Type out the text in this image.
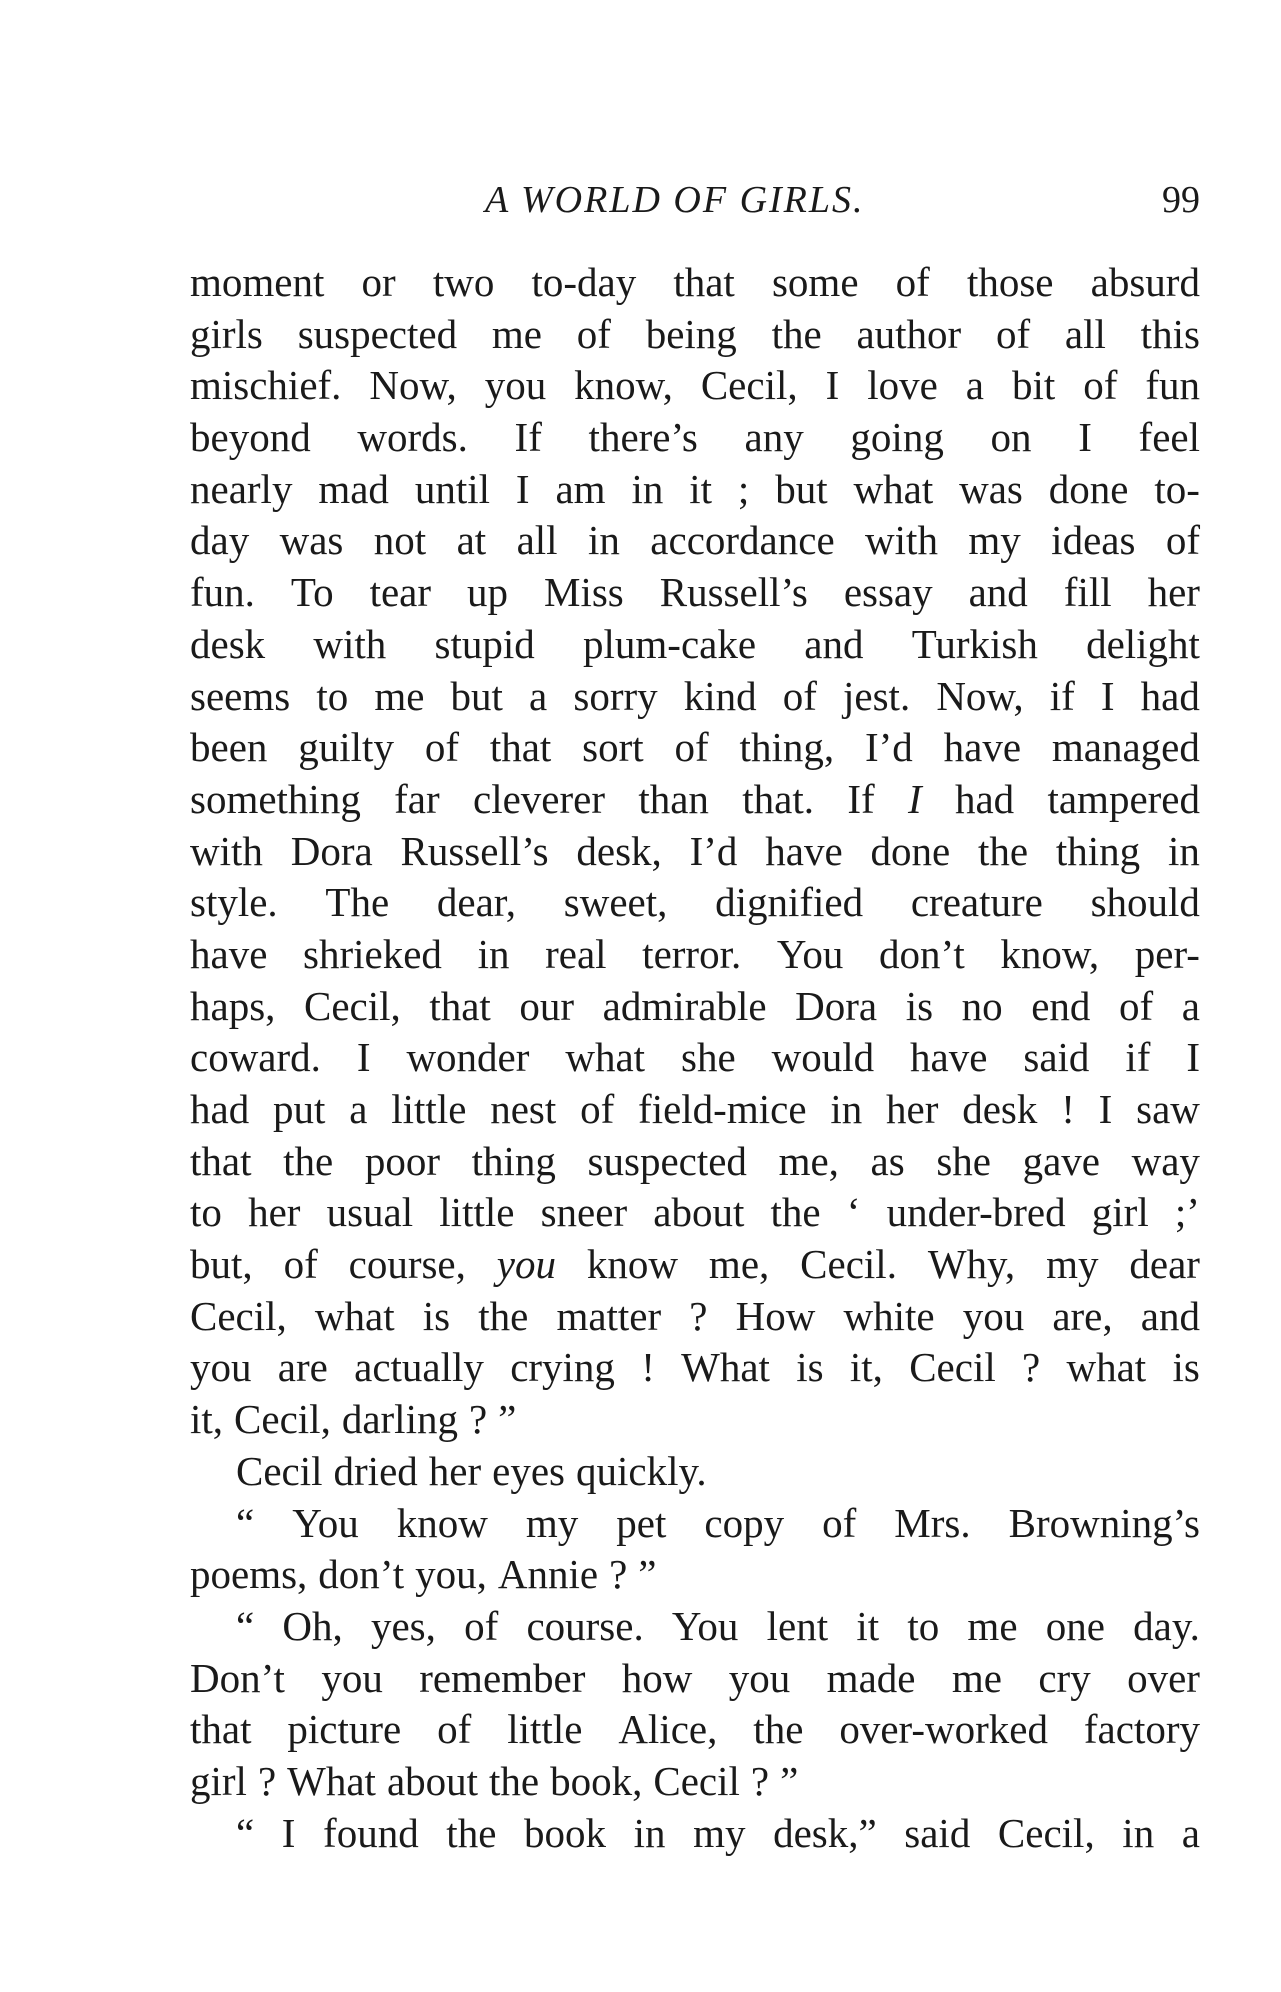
A WORLD OF GIRLS.	99
moment or two to-day that some of those absurd
girls suspected me of being the author of all this
mischief. Now, you know, Cecil, I love a bit of fun
beyond words. If there’s any going on I feel
nearly mad until I am in it ; but what was done to-
day was not at all in accordance with my ideas of
fun. To tear up Miss Russell’s essay and fill her
desk with stupid plum-cake and Turkish delight
seems to me but a sorry kind of jest. Now, if I had
been guilty of that sort of thing, I’d have managed
something far cleverer than that. If I had tampered
with Dora Russell’s desk, I’d have done the thing in
style. The dear, sweet, dignified creature should
have shrieked in real terror. You don’t know, per-
haps, Cecil, that our admirable Dora is no end of a
coward. I wonder what she would have said if I
had put a little nest of field-mice in her desk ! I saw
that the poor thing suspected me, as she gave way
to her usual little sneer about the ‘ under-bred girl ;’
but, of course, you know me, Cecil. Why, my dear
Cecil, what is the matter ? How white you are, and
you are actually crying ! What is it, Cecil ? what is
it, Cecil, darling ? ”
Cecil dried her eyes quickly.
“ You know my pet copy of Mrs. Browning’s
poems, don’t you, Annie ? ”
“ Oh, yes, of course. You lent it to me one day.
Don’t you remember how you made me cry over
that picture of little Alice, the over-worked factory
girl ? What about the book, Cecil ? ”
“ I found the book in my desk,” said Cecil, in a
